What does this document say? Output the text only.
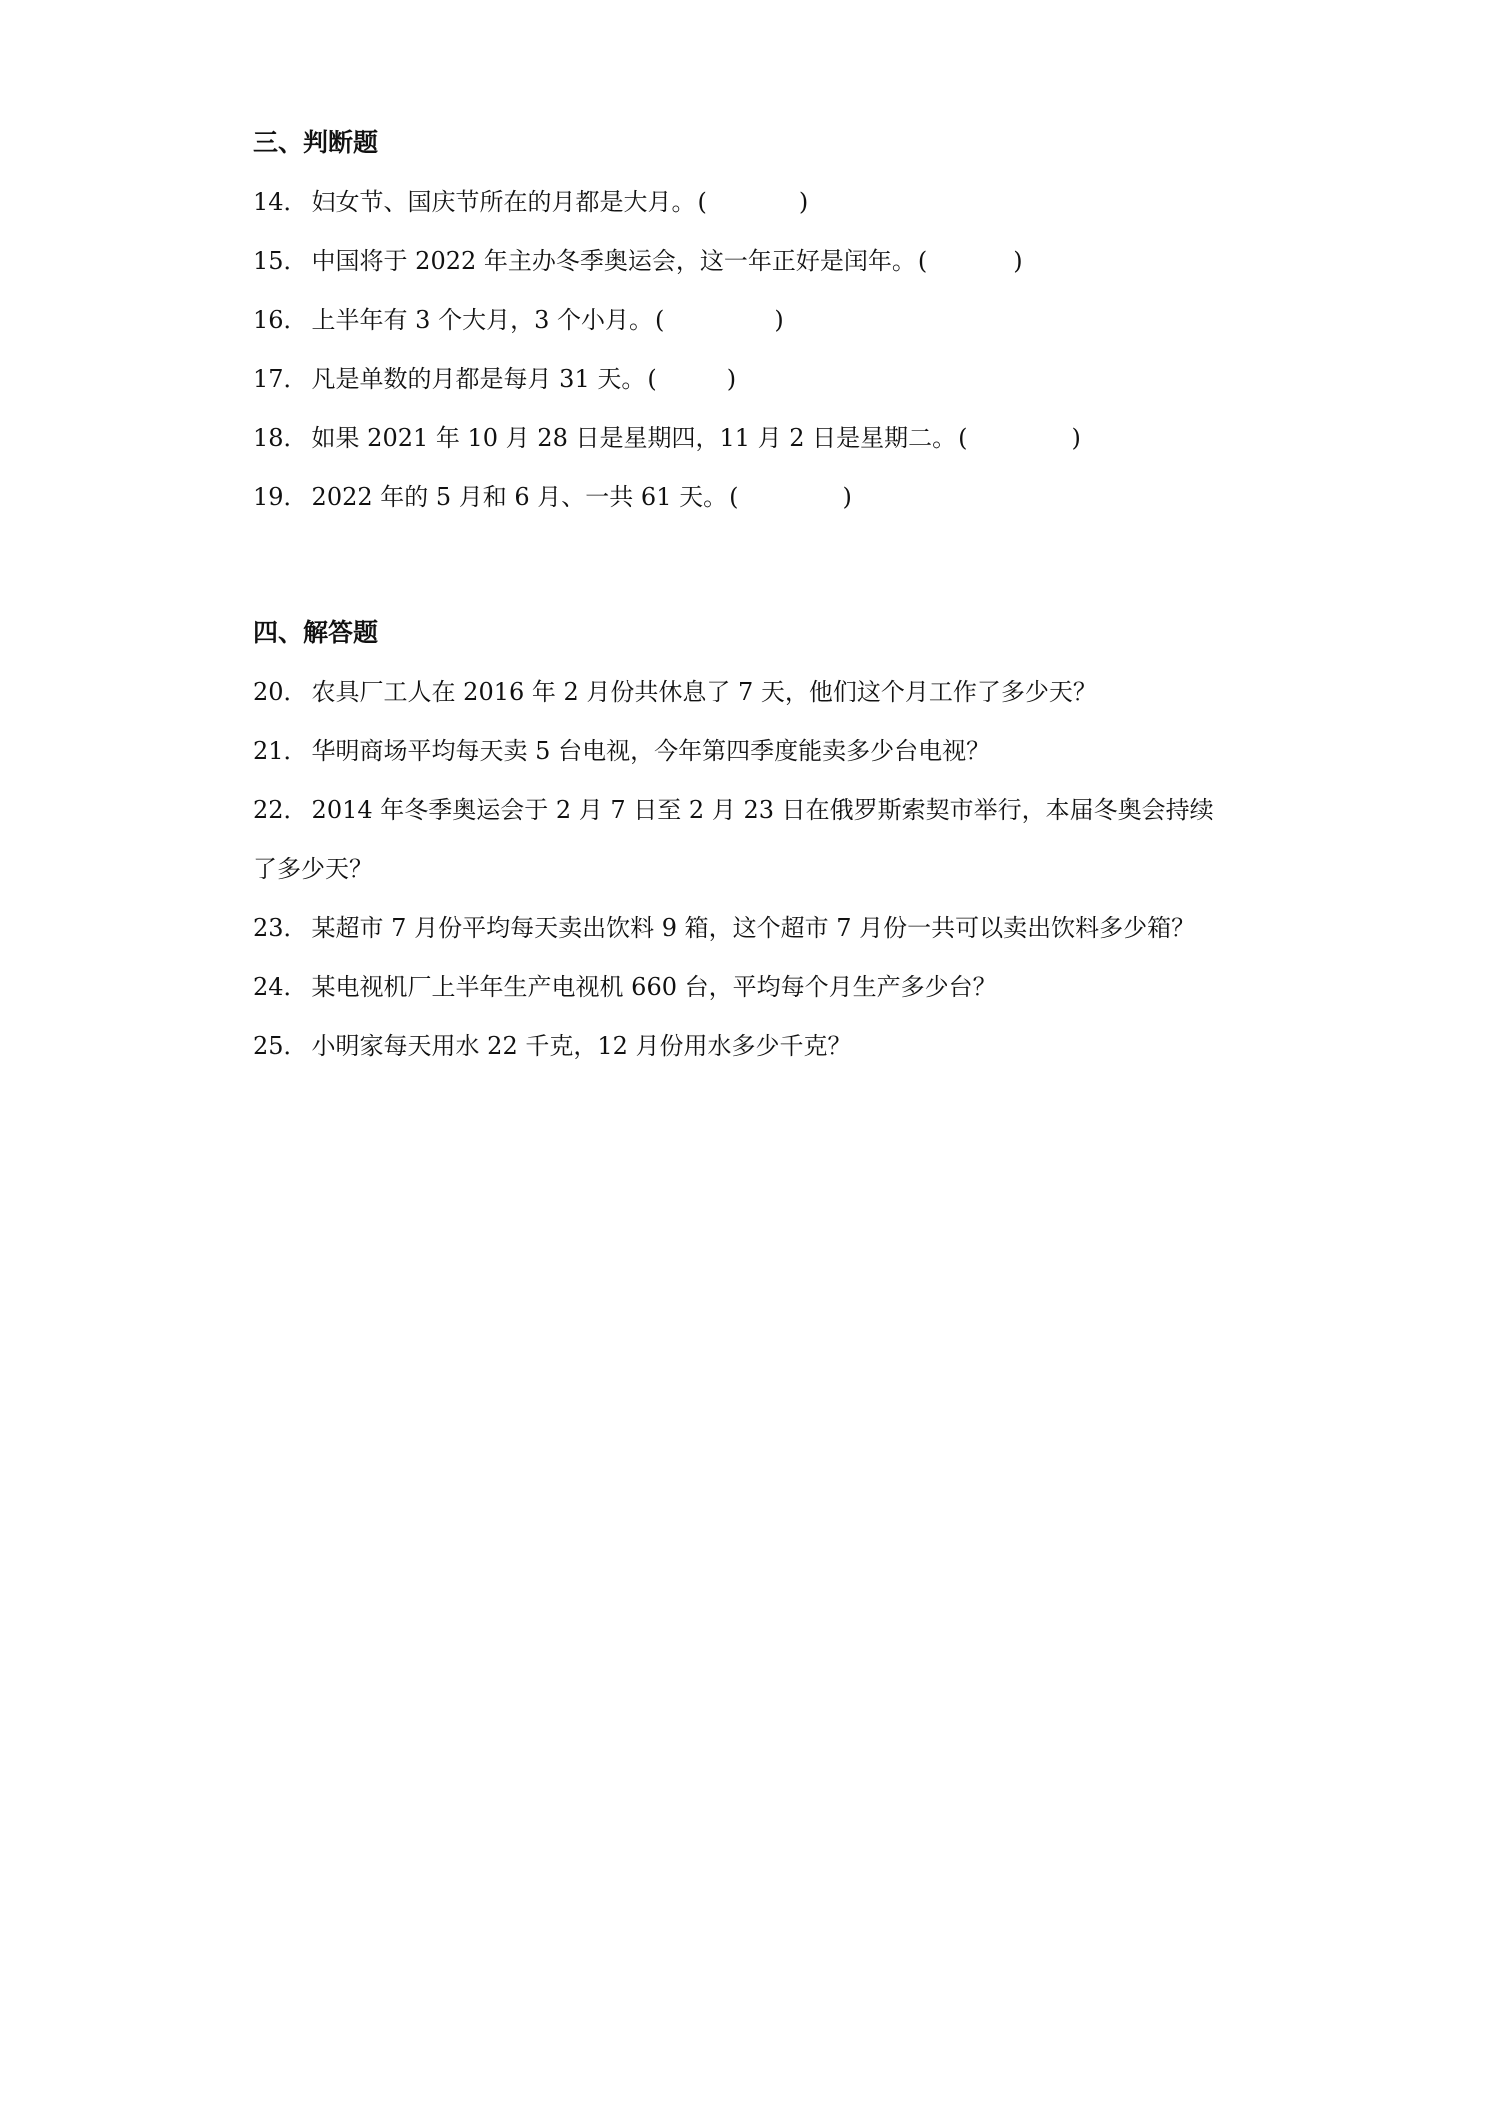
三、判断题
14． 妇女节、国庆节所在的月都是大月。(	)
15． 中国将于 2022 年主办冬季奥运会，这一年正好是闰年。(	)
16． 上半年有 3 个大月，3 个小月。(	)
17． 凡是单数的月都是每月 31 天。(	)
18． 如果 2021 年 10 月 28 日是星期四，11 月 2 日是星期二。(	)
19． 2022 年的 5 月和 6 月、一共 61 天。(	)
四、解答题
20． 农具厂工人在 2016 年 2 月份共休息了 7 天，他们这个月工作了多少天？
21． 华明商场平均每天卖 5 台电视，今年第四季度能卖多少台电视？
22． 2014 年冬季奥运会于 2 月 7 日至 2 月 23 日在俄罗斯索契市举行，本届冬奥会持续
了多少天？
23． 某超市 7 月份平均每天卖出饮料 9 箱，这个超市 7 月份一共可以卖出饮料多少箱？
24． 某电视机厂上半年生产电视机 660 台，平均每个月生产多少台？
25． 小明家每天用水 22 千克，12 月份用水多少千克？
